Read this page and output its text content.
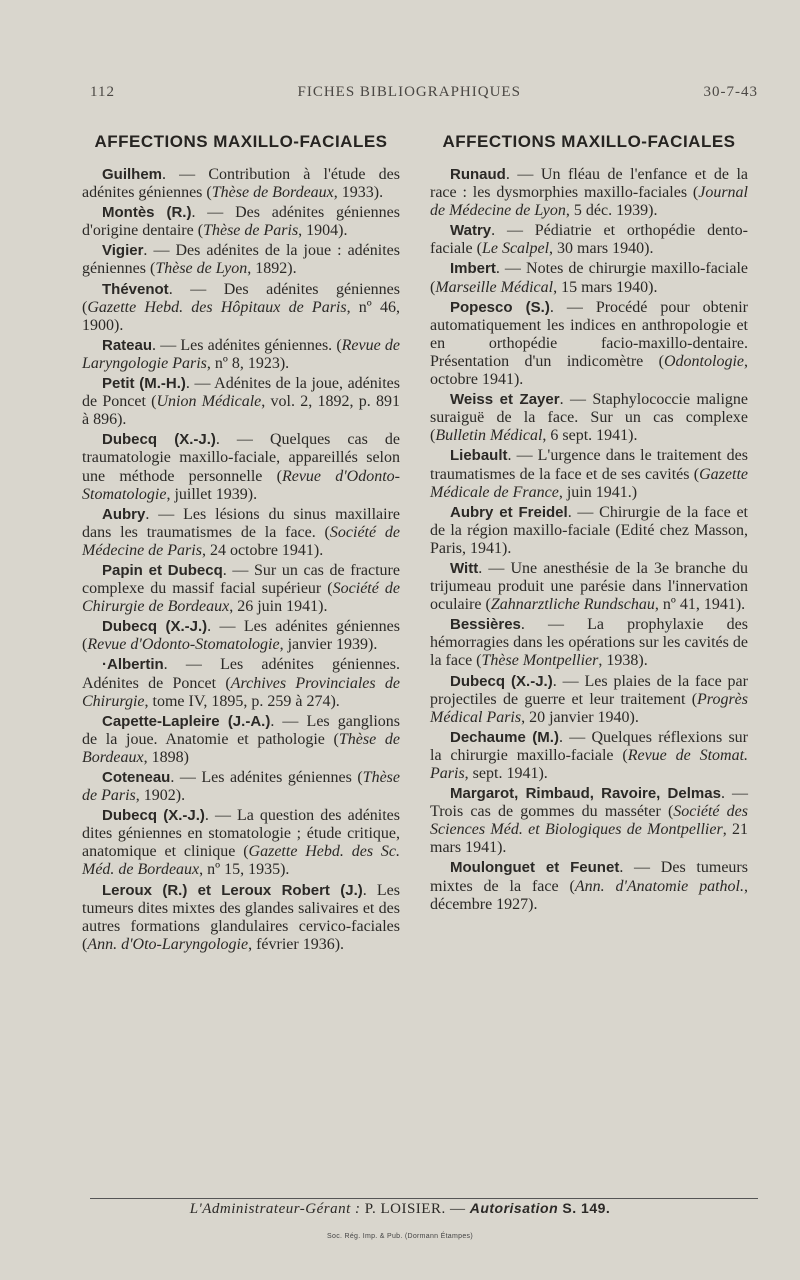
112	FICHES BIBLIOGRAPHIQUES	30-7-43
AFFECTIONS MAXILLO-FACIALES
Guilhem. — Contribution à l'étude des adénites géniennes (Thèse de Bordeaux, 1933).
Montès (R.). — Des adénites géniennes d'origine dentaire (Thèse de Paris, 1904).
Vigier. — Des adénites de la joue : adénites géniennes (Thèse de Lyon, 1892).
Thévenot. — Des adénites géniennes (Gazette Hebd. des Hôpitaux de Paris, nº 46, 1900).
Rateau. — Les adénites géniennes. (Revue de Laryngologie Paris, nº 8, 1923).
Petit (M.-H.). — Adénites de la joue, adénites de Poncet (Union Médicale, vol. 2, 1892, p. 891 à 896).
Dubecq (X.-J.). — Quelques cas de traumatologie maxillo-faciale, appareillés selon une méthode personnelle (Revue d'Odonto-Stomatologie, juillet 1939).
Aubry. — Les lésions du sinus maxillaire dans les traumatismes de la face. (Société de Médecine de Paris, 24 octobre 1941).
Papin et Dubecq. — Sur un cas de fracture complexe du massif facial supérieur (Société de Chirurgie de Bordeaux, 26 juin 1941).
Dubecq (X.-J.). — Les adénites géniennes (Revue d'Odonto-Stomatologie, janvier 1939).
·Albertin. — Les adénites géniennes. Adénites de Poncet (Archives Provinciales de Chirurgie, tome IV, 1895, p. 259 à 274).
Capette-Lapleire (J.-A.). — Les ganglions de la joue. Anatomie et pathologie (Thèse de Bordeaux, 1898)
Coteneau. — Les adénites géniennes (Thèse de Paris, 1902).
Dubecq (X.-J.). — La question des adénites dites géniennes en stomatologie ; étude critique, anatomique et clinique (Gazette Hebd. des Sc. Méd. de Bordeaux, nº 15, 1935).
Leroux (R.) et Leroux Robert (J.). Les tumeurs dites mixtes des glandes salivaires et des autres formations glandulaires cervico-faciales (Ann. d'Oto-Laryngologie, février 1936).
AFFECTIONS MAXILLO-FACIALES
Runaud. — Un fléau de l'enfance et de la race : les dysmorphies maxillo-faciales (Journal de Médecine de Lyon, 5 déc. 1939).
Watry. — Pédiatrie et orthopédie dento-faciale (Le Scalpel, 30 mars 1940).
Imbert. — Notes de chirurgie maxillo-faciale (Marseille Médical, 15 mars 1940).
Popesco (S.). — Procédé pour obtenir automatiquement les indices en anthropologie et en orthopédie facio-maxillo-dentaire. Présentation d'un indicomètre (Odontologie, octobre 1941).
Weiss et Zayer. — Staphylococcie maligne suraiguë de la face. Sur un cas complexe (Bulletin Médical, 6 sept. 1941).
Liebault. — L'urgence dans le traitement des traumatismes de la face et de ses cavités (Gazette Médicale de France, juin 1941.)
Aubry et Freidel. — Chirurgie de la face et de la région maxillo-faciale (Edité chez Masson, Paris, 1941).
Witt. — Une anesthésie de la 3e branche du trijumeau produit une parésie dans l'innervation oculaire (Zahnarztliche Rundschau, nº 41, 1941).
Bessières. — La prophylaxie des hémorragies dans les opérations sur les cavités de la face (Thèse Montpellier, 1938).
Dubecq (X.-J.). — Les plaies de la face par projectiles de guerre et leur traitement (Progrès Médical Paris, 20 janvier 1940).
Dechaume (M.). — Quelques réflexions sur la chirurgie maxillo-faciale (Revue de Stomat. Paris, sept. 1941).
Margarot, Rimbaud, Ravoire, Delmas. — Trois cas de gommes du masséter (Société des Sciences Méd. et Biologiques de Montpellier, 21 mars 1941).
Moulonguet et Feunet. — Des tumeurs mixtes de la face (Ann. d'Anatomie pathol., décembre 1927).
L'Administrateur-Gérant : P. LOISIER. — Autorisation S. 149.
Soc. Rég. Imp. & Pub. (Dormann Étampes)
